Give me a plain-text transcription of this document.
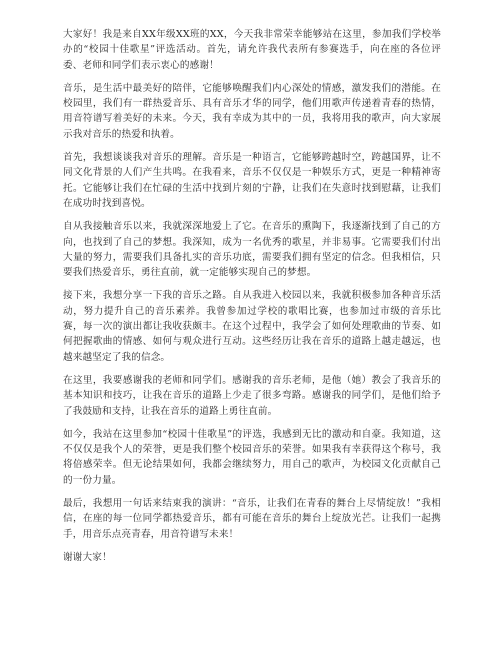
大家好！我是来自XX年级XX班的XX，今天我非常荣幸能够站在这里，参加我们学校举办的“校园十佳歌星”评选活动。首先，请允许我代表所有参赛选手，向在座的各位评委、老师和同学们表示衷心的感谢！

音乐，是生活中最美好的陪伴，它能够唤醒我们内心深处的情感，激发我们的潜能。在校园里，我们有一群热爱音乐、具有音乐才华的同学，他们用歌声传递着青春的热情，用音符谱写着美好的未来。今天，我有幸成为其中的一员，我将用我的歌声，向大家展示我对音乐的热爱和执着。

首先，我想谈谈我对音乐的理解。音乐是一种语言，它能够跨越时空，跨越国界，让不同文化背景的人们产生共鸣。在我看来，音乐不仅仅是一种娱乐方式，更是一种精神寄托。它能够让我们在忙碌的生活中找到片刻的宁静，让我们在失意时找到慰藉，让我们在成功时找到喜悦。

自从我接触音乐以来，我就深深地爱上了它。在音乐的熏陶下，我逐渐找到了自己的方向，也找到了自己的梦想。我深知，成为一名优秀的歌星，并非易事。它需要我们付出大量的努力，需要我们具备扎实的音乐功底，需要我们拥有坚定的信念。但我相信，只要我们热爱音乐，勇往直前，就一定能够实现自己的梦想。

接下来，我想分享一下我的音乐之路。自从我进入校园以来，我就积极参加各种音乐活动，努力提升自己的音乐素养。我曾参加过学校的歌唱比赛，也参加过市级的音乐比赛，每一次的演出都让我收获颇丰。在这个过程中，我学会了如何处理歌曲的节奏、如何把握歌曲的情感、如何与观众进行互动。这些经历让我在音乐的道路上越走越远，也越来越坚定了我的信念。

在这里，我要感谢我的老师和同学们。感谢我的音乐老师，是他（她）教会了我音乐的基本知识和技巧，让我在音乐的道路上少走了很多弯路。感谢我的同学们，是他们给予了我鼓励和支持，让我在音乐的道路上勇往直前。

如今，我站在这里参加“校园十佳歌星”的评选，我感到无比的激动和自豪。我知道，这不仅仅是我个人的荣誉，更是我们整个校园音乐的荣誉。如果我有幸获得这个称号，我将倍感荣幸。但无论结果如何，我都会继续努力，用自己的歌声，为校园文化贡献自己的一份力量。

最后，我想用一句话来结束我的演讲：“音乐，让我们在青春的舞台上尽情绽放！”我相信，在座的每一位同学都热爱音乐，都有可能在音乐的舞台上绽放光芒。让我们一起携手，用音乐点亮青春，用音符谱写未来！

谢谢大家！
